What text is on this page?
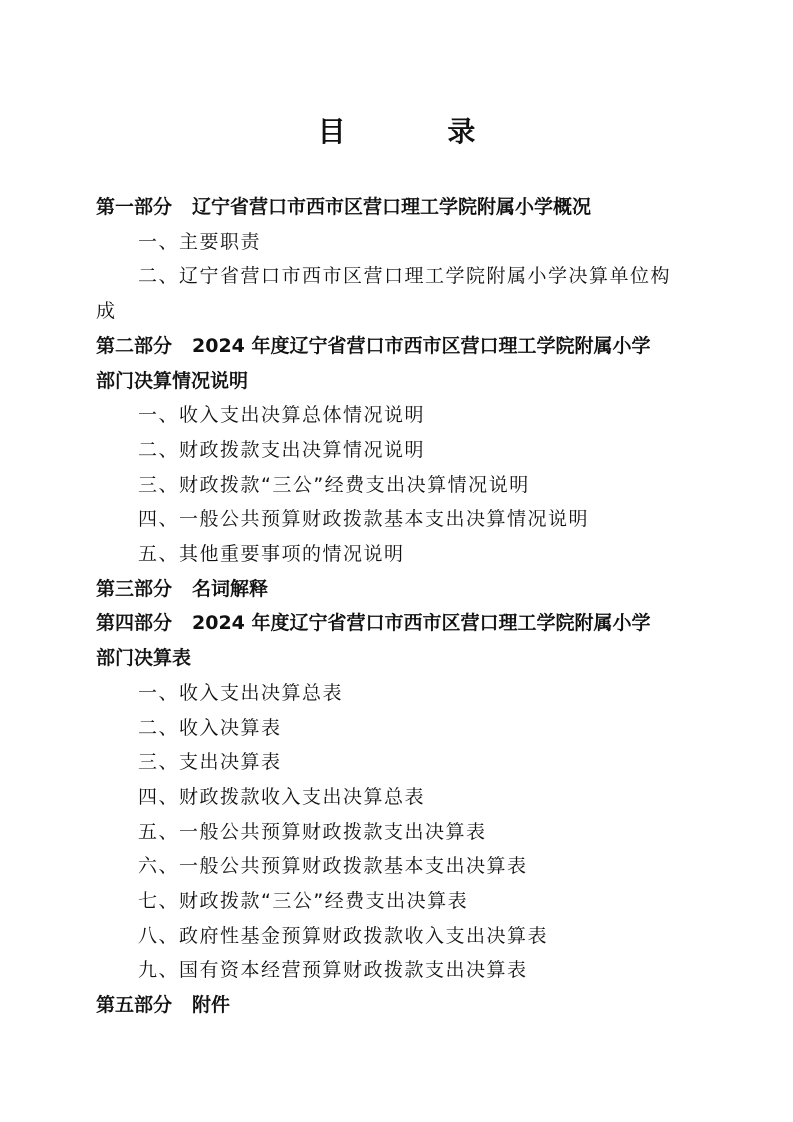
目 录
第一部分 辽宁省营口市西市区营口理工学院附属小学概况
一、主要职责
二、辽宁省营口市西市区营口理工学院附属小学决算单位构
成
第二部分 2024 年度辽宁省营口市西市区营口理工学院附属小学
部门决算情况说明
一、收入支出决算总体情况说明
二、财政拨款支出决算情况说明
三、财政拨款“三公”经费支出决算情况说明
四、一般公共预算财政拨款基本支出决算情况说明
五、其他重要事项的情况说明
第三部分 名词解释
第四部分 2024 年度辽宁省营口市西市区营口理工学院附属小学
部门决算表
一、收入支出决算总表
二、收入决算表
三、支出决算表
四、财政拨款收入支出决算总表
五、一般公共预算财政拨款支出决算表
六、一般公共预算财政拨款基本支出决算表
七、财政拨款“三公”经费支出决算表
八、政府性基金预算财政拨款收入支出决算表
九、国有资本经营预算财政拨款支出决算表
第五部分 附件
